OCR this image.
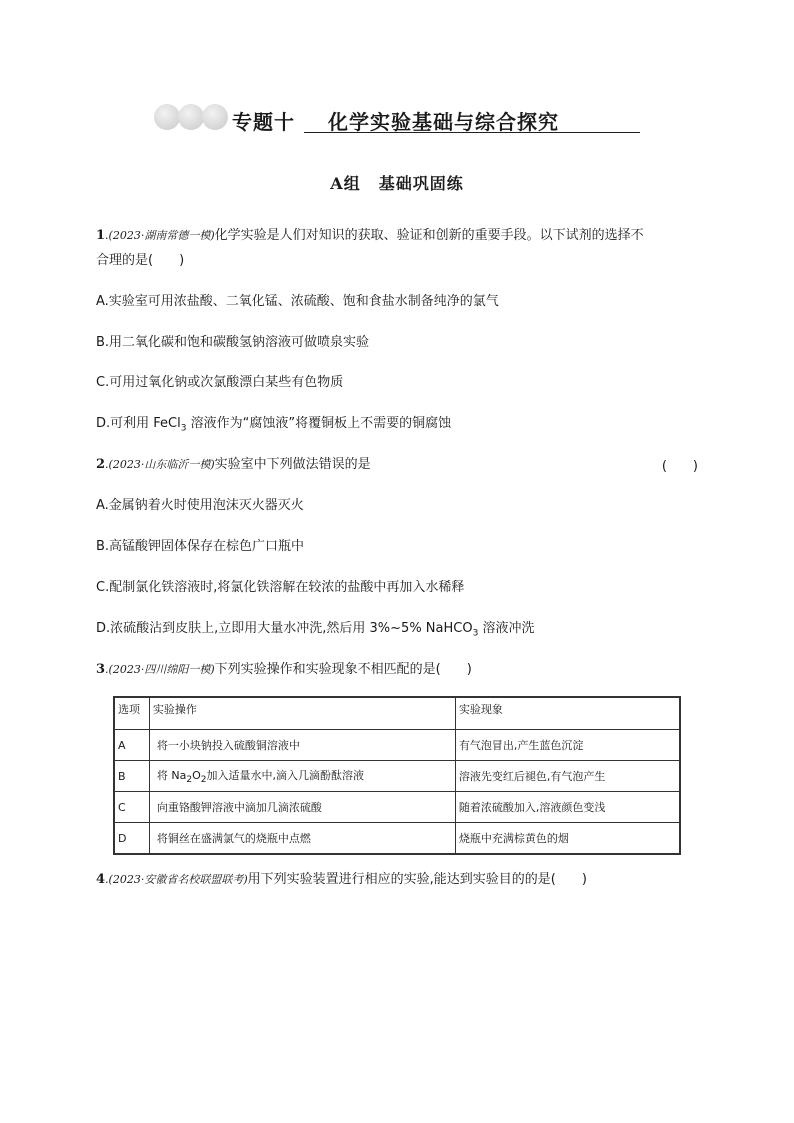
专题十 化学实验基础与综合探究
A组 基础巩固练
1.(2023·湖南常德一模)化学实验是人们对知识的获取、验证和创新的重要手段。以下试剂的选择不
合理的是(　　)
A.实验室可用浓盐酸、二氧化锰、浓硫酸、饱和食盐水制备纯净的氯气
B.用二氧化碳和饱和碳酸氢钠溶液可做喷泉实验
C.可用过氧化钠或次氯酸漂白某些有色物质
D.可利用 FeCl$_3$ 溶液作为“腐蚀液”将覆铜板上不需要的铜腐蚀
2.(2023·山东临沂一模)实验室中下列做法错误的是	(　　)
A.金属钠着火时使用泡沫灭火器灭火
B.高锰酸钾固体保存在棕色广口瓶中
C.配制氯化铁溶液时,将氯化铁溶解在较浓的盐酸中再加入水稀释
D.浓硫酸沾到皮肤上,立即用大量水冲洗,然后用 3%~5% NaHCO$_3$ 溶液冲洗
3.(2023·四川绵阳一模)下列实验操作和实验现象不相匹配的是(　　)
选项	实验操作	实验现象
A	将一小块钠投入硫酸铜溶液中	有气泡冒出,产生蓝色沉淀
B	将 $Na_2O_2$加入适量水中,滴入几滴酚酞溶液	溶液先变红后褪色,有气泡产生
C	向重铬酸钾溶液中滴加几滴浓硫酸	随着浓硫酸加入,溶液颜色变浅
D	将铜丝在盛满氯气的烧瓶中点燃	烧瓶中充满棕黄色的烟
4.(2023·安徽省名校联盟联考)用下列实验装置进行相应的实验,能达到实验目的的是(　　)
